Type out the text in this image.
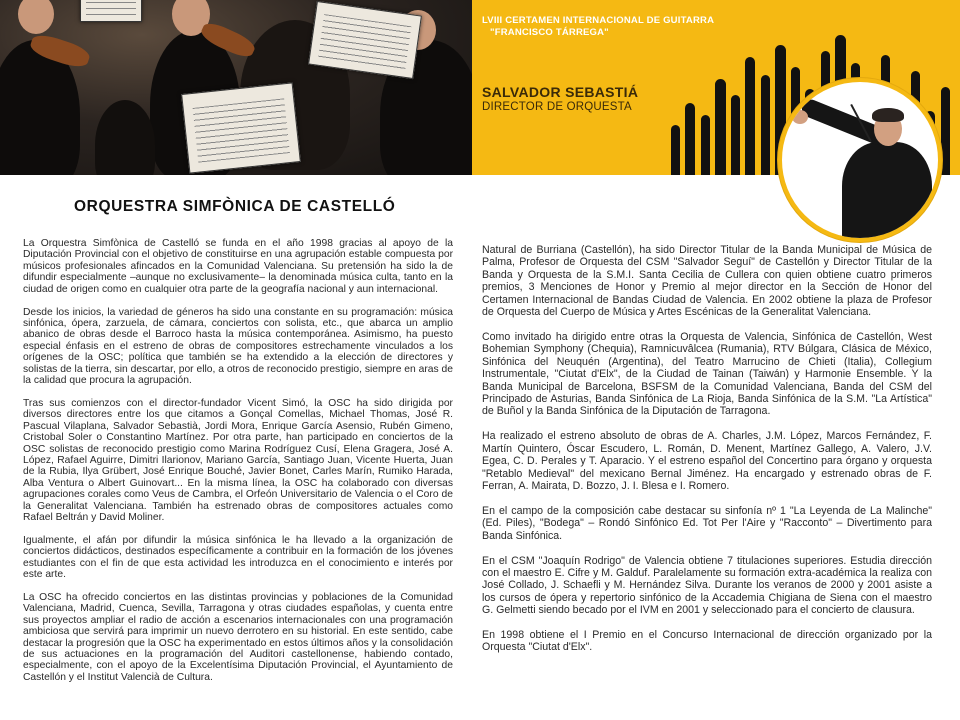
LVIII CERTAMEN INTERNACIONAL DE GUITARRA
"FRANCISCO TÁRREGA"
SALVADOR SEBASTIÁ
DIRECTOR DE ORQUESTA
ORQUESTRA SIMFÒNICA DE CASTELLÓ

La Orquestra Simfònica de Castelló se funda en el año 1998 gracias al apoyo de la Diputación Provincial con el objetivo de constituirse en una agrupación estable compuesta por músicos profesionales afincados en la Comunidad Valenciana. Su pretensión ha sido la de difundir especialmente –aunque no exclusivamente– la denominada música culta, tanto en la ciudad de origen como en cualquier otra parte de la geografía nacional y aun internacional.

Desde los inicios, la variedad de géneros ha sido una constante en su programación: música sinfónica, ópera, zarzuela, de cámara, conciertos con solista, etc., que abarca un amplio abanico de obras desde el Barroco hasta la música contemporánea. Asimismo, ha puesto especial énfasis en el estreno de obras de compositores estrechamente vinculados a los orígenes de la OSC; política que también se ha extendido a la elección de directores y solistas de la tierra, sin descartar, por ello, a otros de reconocido prestigio, siempre en aras de la calidad que procura la agrupación.

Tras sus comienzos con el director-fundador Vicent Simó, la OSC ha sido dirigida por diversos directores entre los que citamos a Gonçal Comellas, Michael Thomas, José R. Pascual Vilaplana, Salvador Sebastià, Jordi Mora, Enrique García Asensio, Rubén Gimeno, Cristobal Soler o Constantino Martínez. Por otra parte, han participado en conciertos de la OSC solistas de reconocido prestigio como Marina Rodríguez Cusí, Elena Gragera, José A. López, Rafael Aguirre, Dimitri Ilarionov, Mariano García, Santiago Juan, Vicente Huerta, Juan de la Rubia, Ilya Grübert, José Enrique Bouché, Javier Bonet, Carles Marín, Rumiko Harada, Alba Ventura o Albert Guinovart... En la misma línea, la OSC ha colaborado con diversas agrupaciones corales como Veus de Cambra, el Orfeón Universitario de Valencia o el Coro de la Generalitat Valenciana. También ha estrenado obras de compositores actuales como Rafael Beltrán y David Moliner.

Igualmente, el afán por difundir la música sinfónica le ha llevado a la organización de conciertos didácticos, destinados específicamente a contribuir en la formación de los jóvenes estudiantes con el fin de que esta actividad les introduzca en el conocimiento e interés por este arte.

La OSC ha ofrecido conciertos en las distintas provincias y poblaciones de la Comunidad Valenciana, Madrid, Cuenca, Sevilla, Tarragona y otras ciudades españolas, y cuenta entre sus proyectos ampliar el radio de acción a escenarios internacionales con una programación ambiciosa que servirá para imprimir un nuevo derrotero en su historial. En este sentido, cabe destacar la progresión que la OSC ha experimentado en estos últimos años y la consolidación de sus actuaciones en la programación del Auditori castellonense, habiendo contado, especialmente, con el apoyo de la Excelentísima Diputación Provincial, el Ayuntamiento de Castellón y el Institut Valencià de Cultura.

Natural de Burriana (Castellón), ha sido Director Titular de la Banda Municipal de Música de Palma, Profesor de Orquesta del CSM "Salvador Seguí" de Castellón y Director Titular de la Banda y Orquesta de la S.M.I. Santa Cecilia de Cullera con quien obtiene cuatro primeros premios, 3 Menciones de Honor y Premio al mejor director en la Sección de Honor del Certamen Internacional de Bandas Ciudad de Valencia. En 2002 obtiene la plaza de Profesor de Orquesta del Cuerpo de Música y Artes Escénicas de la Generalitat Valenciana.

Como invitado ha dirigido entre otras la Orquesta de Valencia, Sinfónica de Castellón, West Bohemian Symphony (Chequia), Ramnicuvâlcea (Rumania), RTV Búlgara, Clásica de México, Sinfónica del Neuquén (Argentina), del Teatro Marrucino de Chieti (Italia), Collegium Instrumentale, "Ciutat d'Elx", de la Ciudad de Tainan (Taiwán) y Harmonie Ensemble. Y la Banda Municipal de Barcelona, BSFSM de la Comunidad Valenciana, Banda del CSM del Principado de Asturias, Banda Sinfónica de La Rioja, Banda Sinfónica de la S.M. "La Artística" de Buñol y la Banda Sinfónica de la Diputación de Tarragona.

Ha realizado el estreno absoluto de obras de A. Charles, J.M. López, Marcos Fernández, F. Martín Quintero, Óscar Escudero, L. Román, D. Menent, Martínez Gallego, A. Valero, J.V. Egea, C. D. Perales y T. Aparacio. Y el estreno español del Concertino para órgano y orquesta "Retablo Medieval" del mexicano Bernal Jiménez. Ha encargado y estrenado obras de F. Ferran, A. Mairata, D. Bozzo, J. I. Blesa e I. Romero.

En el campo de la composición cabe destacar su sinfonía nº 1 "La Leyenda de La Malinche" (Ed. Piles), "Bodega" – Rondó Sinfónico Ed. Tot Per l'Aire y "Racconto" – Divertimento para Banda Sinfónica.

En el CSM "Joaquín Rodrigo" de Valencia obtiene 7 titulaciones superiores. Estudia dirección con el maestro E. Cifre y M. Galduf. Paralelamente su formación extra-académica la realiza con José Collado, J. Schaefli y M. Hernández Silva. Durante los veranos de 2000 y 2001 asiste a los cursos de ópera y repertorio sinfónico de la Accademia Chigiana de Siena con el maestro G. Gelmetti siendo becado por el IVM en 2001 y seleccionado para el concierto de clausura.

En 1998 obtiene el I Premio en el Concurso Internacional de dirección organizado por la Orquesta "Ciutat d'Elx".
